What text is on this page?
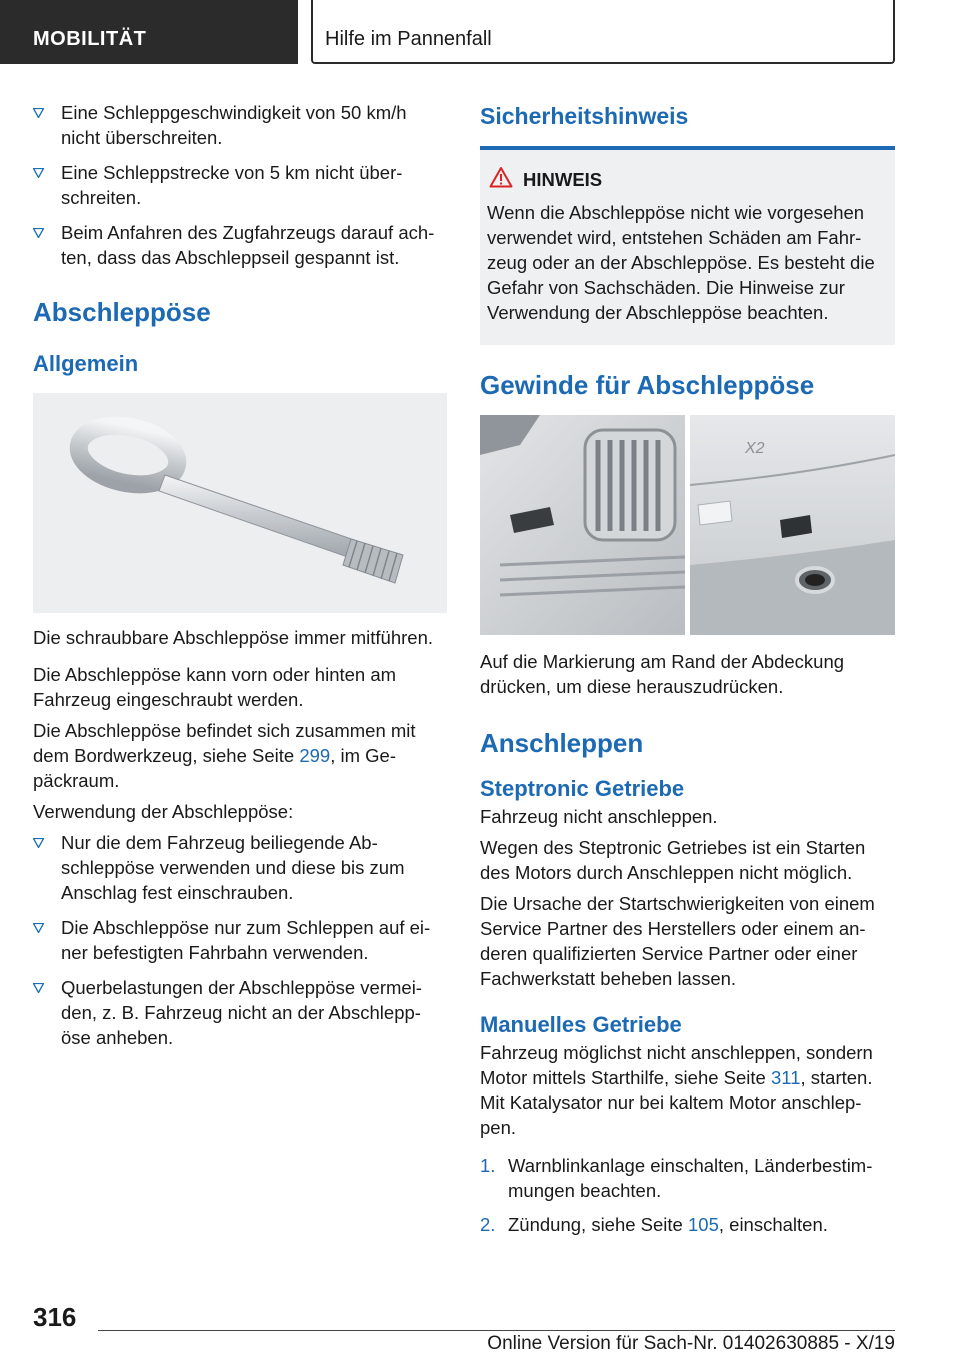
MOBILITÄT	Hilfe im Pannenfall
Eine Schleppgeschwindigkeit von 50 km/h nicht überschreiten.
Eine Schleppstrecke von 5 km nicht über-schreiten.
Beim Anfahren des Zugfahrzeugs darauf ach-ten, dass das Abschleppseil gespannt ist.
Abschleppöse
Allgemein

Die schraubbare Abschleppöse immer mitführen.

Die Abschleppöse kann vorn oder hinten am Fahrzeug eingeschraubt werden.

Die Abschleppöse befindet sich zusammen mit dem Bordwerkzeug, siehe Seite 299, im Ge-päckraum.

Verwendung der Abschleppöse:

Nur die dem Fahrzeug beiliegende Ab-schleppöse verwenden und diese bis zum Anschlag fest einschrauben.
Die Abschleppöse nur zum Schleppen auf ei-ner befestigten Fahrbahn verwenden.
Querbelastungen der Abschleppöse vermei-den, z. B. Fahrzeug nicht an der Abschlepp-öse anheben.
Sicherheitshinweis
HINWEIS

Wenn die Abschleppöse nicht wie vorgesehen verwendet wird, entstehen Schäden am Fahr-zeug oder an der Abschleppöse. Es besteht die Gefahr von Sachschäden. Die Hinweise zur Verwendung der Abschleppöse beachten.

Gewinde für Abschleppöse
X2

Auf die Markierung am Rand der Abdeckung drücken, um diese herauszudrücken.

Anschleppen
Steptronic Getriebe

Fahrzeug nicht anschleppen.

Wegen des Steptronic Getriebes ist ein Starten des Motors durch Anschleppen nicht möglich.

Die Ursache der Startschwierigkeiten von einem Service Partner des Herstellers oder einem an-deren qualifizierten Service Partner oder einer Fachwerkstatt beheben lassen.

Manuelles Getriebe

Fahrzeug möglichst nicht anschleppen, sondern Motor mittels Starthilfe, siehe Seite 311, starten. Mit Katalysator nur bei kaltem Motor anschlep-pen.

1. Warnblinkanlage einschalten, Länderbestim-mungen beachten.
2. Zündung, siehe Seite 105, einschalten.
316
Online Version für Sach-Nr. 01402630885 - X/19
